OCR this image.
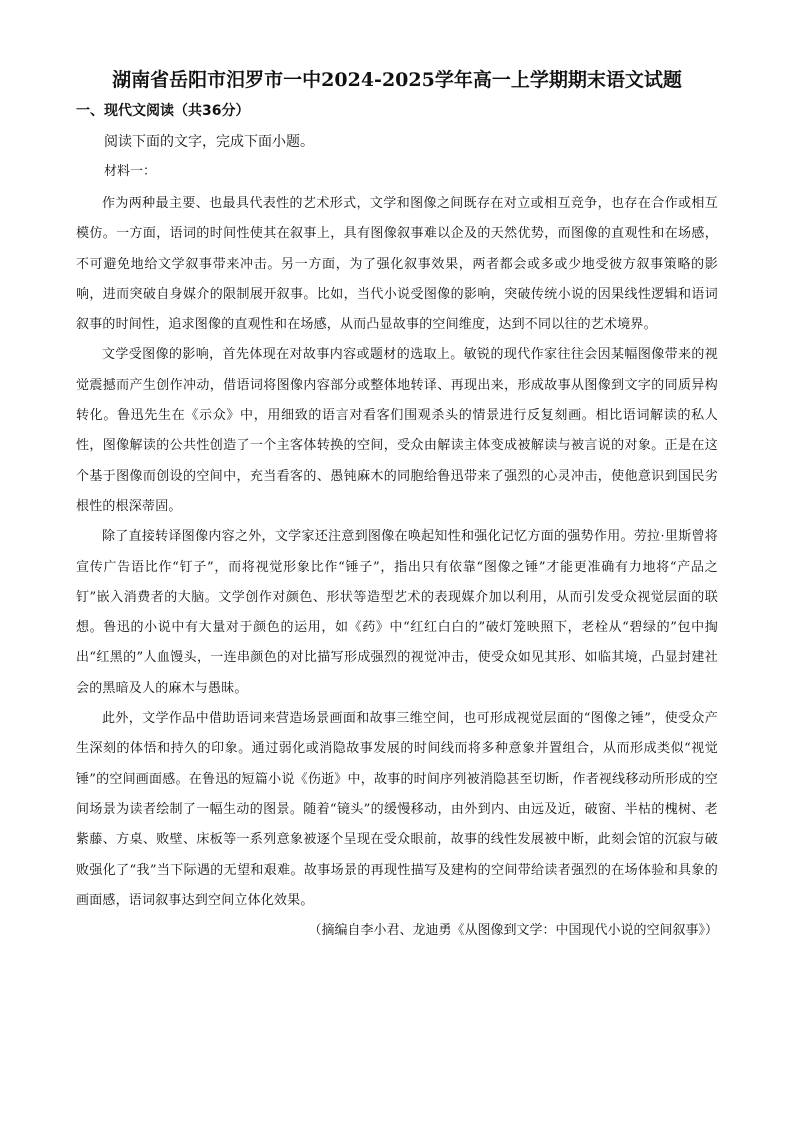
湖南省岳阳市汨罗市一中2024-2025学年高一上学期期末语文试题
一、现代文阅读（共36分）

阅读下面的文字，完成下面小题。

材料一：

作为两种最主要、也最具代表性的艺术形式，文学和图像之间既存在对立或相互竞争，也存在合作或相互模仿。一方面，语词的时间性使其在叙事上，具有图像叙事难以企及的天然优势，而图像的直观性和在场感，不可避免地给文学叙事带来冲击。另一方面，为了强化叙事效果，两者都会或多或少地受彼方叙事策略的影响，进而突破自身媒介的限制展开叙事。比如，当代小说受图像的影响，突破传统小说的因果线性逻辑和语词叙事的时间性，追求图像的直观性和在场感，从而凸显故事的空间维度，达到不同以往的艺术境界。

文学受图像的影响，首先体现在对故事内容或题材的选取上。敏锐的现代作家往往会因某幅图像带来的视觉震撼而产生创作冲动，借语词将图像内容部分或整体地转译、再现出来，形成故事从图像到文字的同质异构转化。鲁迅先生在《示众》中，用细致的语言对看客们围观杀头的情景进行反复刻画。相比语词解读的私人性，图像解读的公共性创造了一个主客体转换的空间，受众由解读主体变成被解读与被言说的对象。正是在这个基于图像而创设的空间中，充当看客的、愚钝麻木的同胞给鲁迅带来了强烈的心灵冲击，使他意识到国民劣根性的根深蒂固。

除了直接转译图像内容之外，文学家还注意到图像在唤起知性和强化记忆方面的强势作用。劳拉·里斯曾将宣传广告语比作“钉子”，而将视觉形象比作“锤子”，指出只有依靠“图像之锤”才能更准确有力地将“产品之钉”嵌入消费者的大脑。文学创作对颜色、形状等造型艺术的表现媒介加以利用，从而引发受众视觉层面的联想。鲁迅的小说中有大量对于颜色的运用，如《药》中“红红白白的”破灯笼映照下，老栓从“碧绿的”包中掏出“红黑的”人血馒头，一连串颜色的对比描写形成强烈的视觉冲击，使受众如见其形、如临其境，凸显封建社会的黑暗及人的麻木与愚昧。

此外，文学作品中借助语词来营造场景画面和故事三维空间，也可形成视觉层面的“图像之锤”，使受众产生深刻的体悟和持久的印象。通过弱化或消隐故事发展的时间线而将多种意象并置组合，从而形成类似“视觉锤”的空间画面感。在鲁迅的短篇小说《伤逝》中，故事的时间序列被消隐甚至切断，作者视线移动所形成的空间场景为读者绘制了一幅生动的图景。随着“镜头”的缓慢移动，由外到内、由远及近，破窗、半枯的槐树、老紫藤、方桌、败壁、床板等一系列意象被逐个呈现在受众眼前，故事的线性发展被中断，此刻会馆的沉寂与破败强化了“我”当下际遇的无望和艰难。故事场景的再现性描写及建构的空间带给读者强烈的在场体验和具象的画面感，语词叙事达到空间立体化效果。

（摘编自李小君、龙迪勇《从图像到文学：中国现代小说的空间叙事》）
